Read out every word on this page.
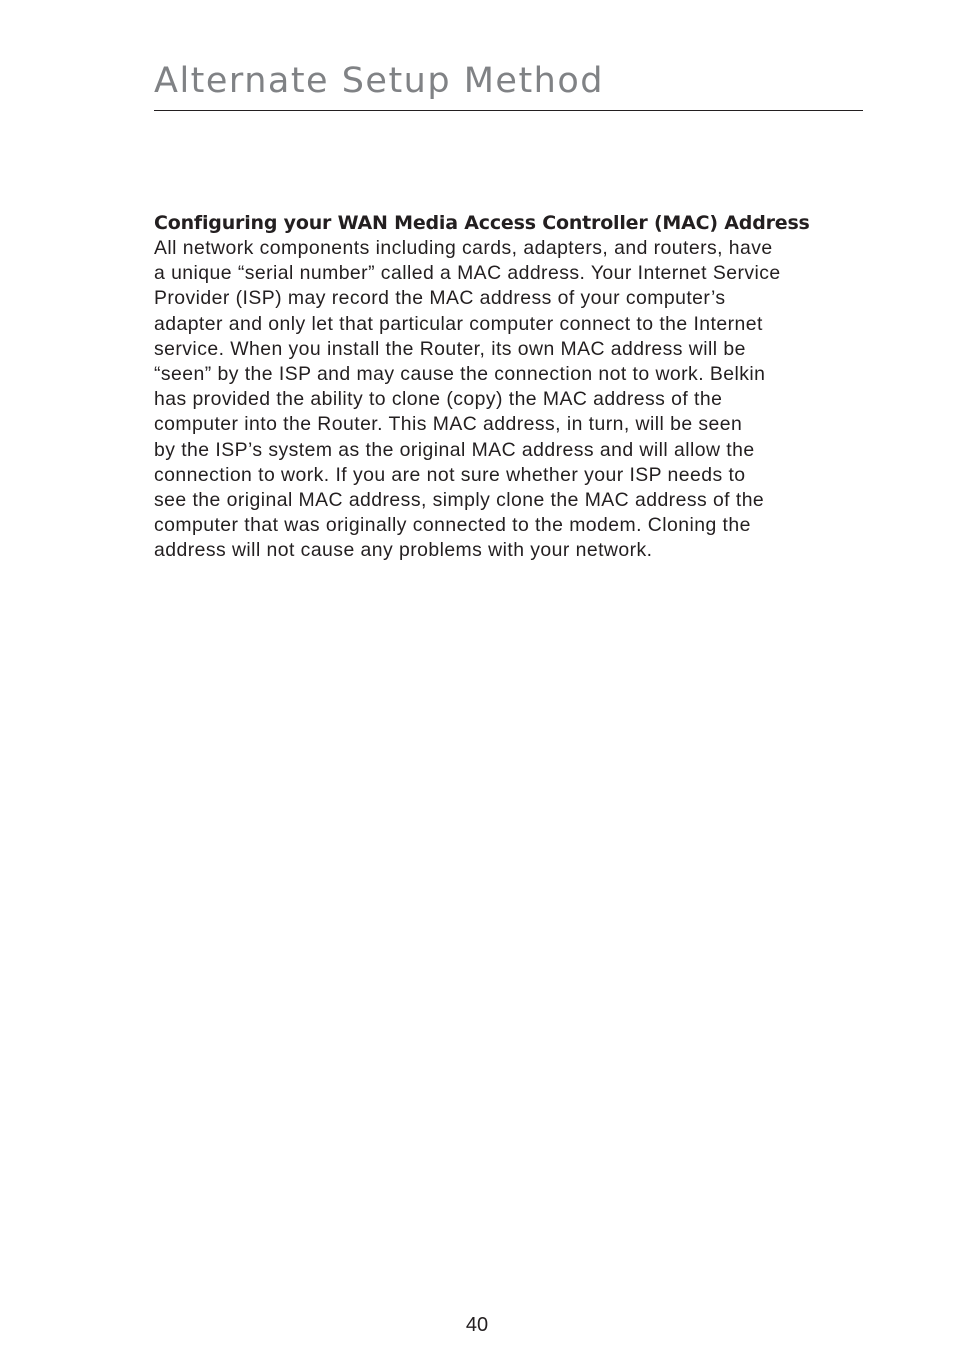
Alternate Setup Method
Configuring your WAN Media Access Controller (MAC) Address

All network components including cards, adapters, and routers, have
a unique “serial number” called a MAC address. Your Internet Service
Provider (ISP) may record the MAC address of your computer’s
adapter and only let that particular computer connect to the Internet
service. When you install the Router, its own MAC address will be
“seen” by the ISP and may cause the connection not to work. Belkin
has provided the ability to clone (copy) the MAC address of the
computer into the Router. This MAC address, in turn, will be seen
by the ISP’s system as the original MAC address and will allow the
connection to work. If you are not sure whether your ISP needs to
see the original MAC address, simply clone the MAC address of the
computer that was originally connected to the modem. Cloning the
address will not cause any problems with your network.

40
